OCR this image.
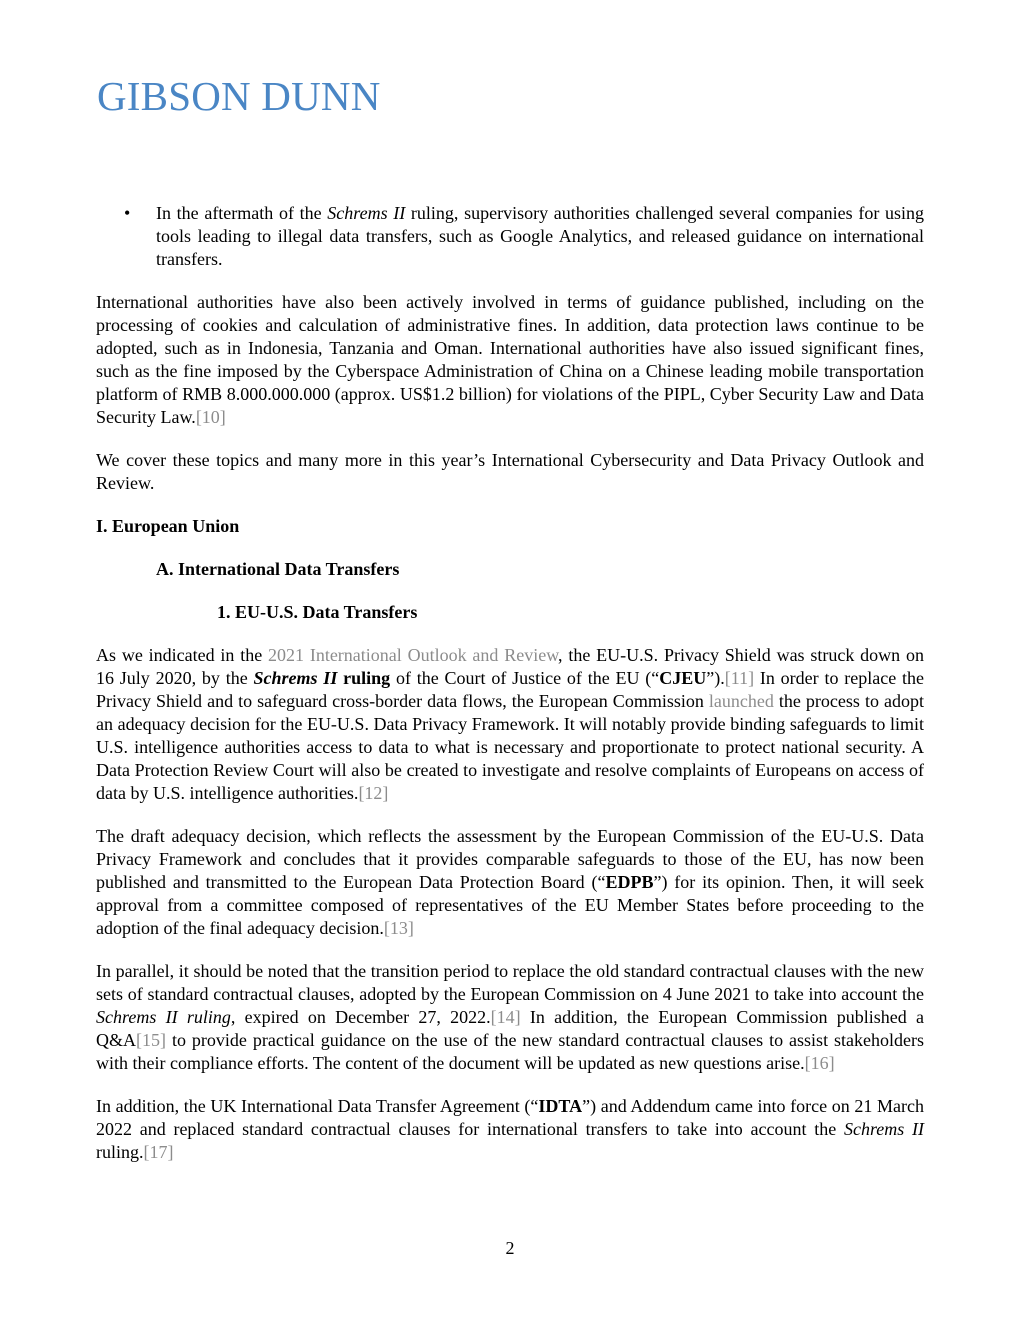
GIBSON DUNN
• In the aftermath of the Schrems II ruling, supervisory authorities challenged several companies for using tools leading to illegal data transfers, such as Google Analytics, and released guidance on international transfers.

International authorities have also been actively involved in terms of guidance published, including on the processing of cookies and calculation of administrative fines. In addition, data protection laws continue to be adopted, such as in Indonesia, Tanzania and Oman. International authorities have also issued significant fines, such as the fine imposed by the Cyberspace Administration of China on a Chinese leading mobile transportation platform of RMB 8.000.000.000 (approx. US$1.2 billion) for violations of the PIPL, Cyber Security Law and Data Security Law.[10]

We cover these topics and many more in this year’s International Cybersecurity and Data Privacy Outlook and Review.

I. European Union
A. International Data Transfers
1. EU-U.S. Data Transfers

As we indicated in the 2021 International Outlook and Review, the EU-U.S. Privacy Shield was struck down on 16 July 2020, by the Schrems II ruling of the Court of Justice of the EU (“CJEU”).[11] In order to replace the Privacy Shield and to safeguard cross-border data flows, the European Commission launched the process to adopt an adequacy decision for the EU-U.S. Data Privacy Framework. It will notably provide binding safeguards to limit U.S. intelligence authorities access to data to what is necessary and proportionate to protect national security. A Data Protection Review Court will also be created to investigate and resolve complaints of Europeans on access of data by U.S. intelligence authorities.[12]

The draft adequacy decision, which reflects the assessment by the European Commission of the EU-U.S. Data Privacy Framework and concludes that it provides comparable safeguards to those of the EU, has now been published and transmitted to the European Data Protection Board (“EDPB”) for its opinion. Then, it will seek approval from a committee composed of representatives of the EU Member States before proceeding to the adoption of the final adequacy decision.[13]

In parallel, it should be noted that the transition period to replace the old standard contractual clauses with the new sets of standard contractual clauses, adopted by the European Commission on 4 June 2021 to take into account the Schrems II ruling, expired on December 27, 2022.[14] In addition, the European Commission published a Q&A[15] to provide practical guidance on the use of the new standard contractual clauses to assist stakeholders with their compliance efforts. The content of the document will be updated as new questions arise.[16]

In addition, the UK International Data Transfer Agreement (“IDTA”) and Addendum came into force on 21 March 2022 and replaced standard contractual clauses for international transfers to take into account the Schrems II ruling.[17]

2
